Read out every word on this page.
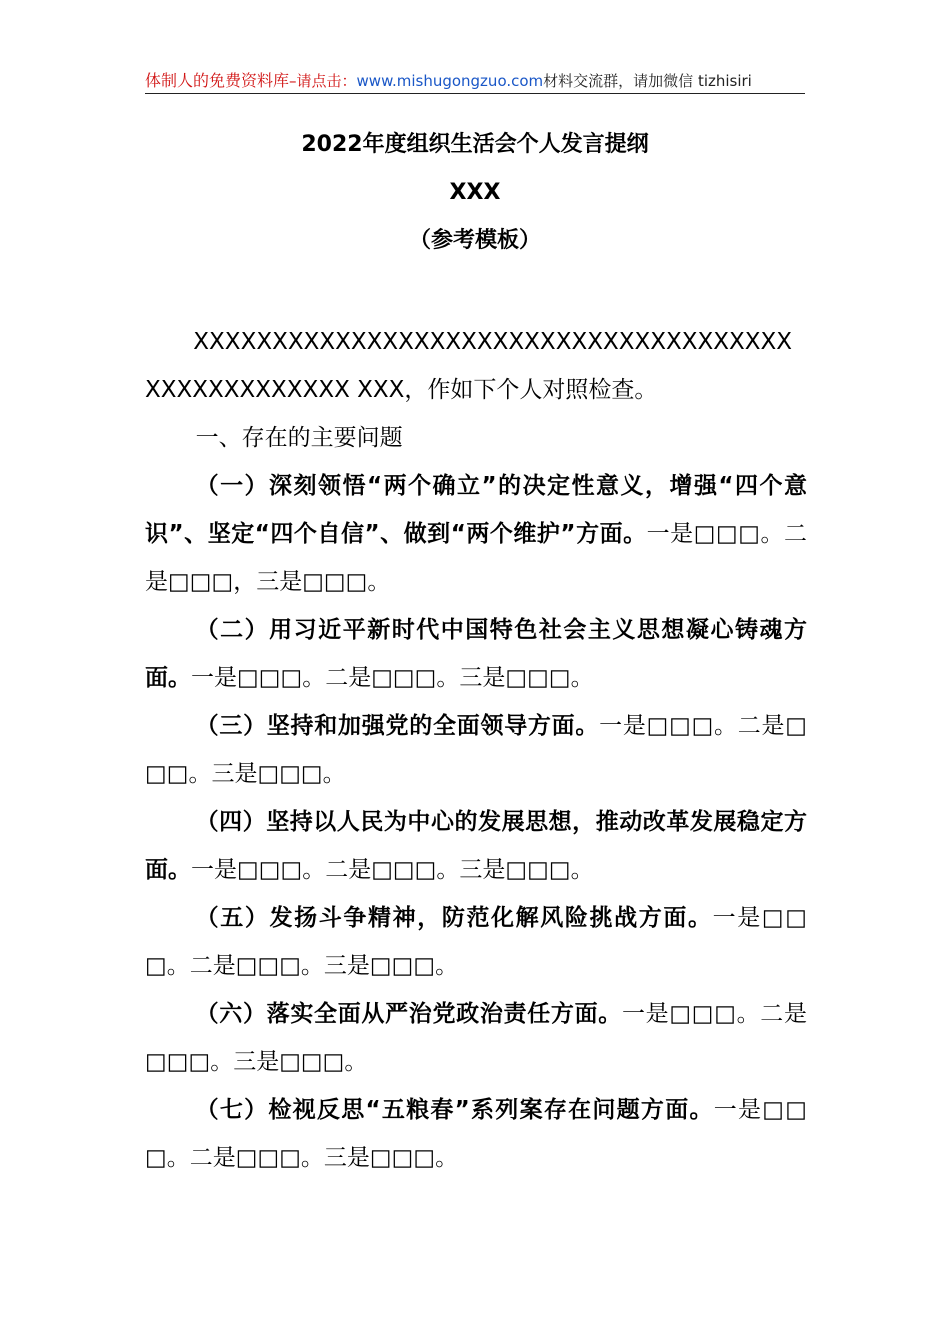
体制人的免费资料库–请点击：www.mishugongzuo.com材料交流群，请加微信 tizhisiri
2022年度组织生活会个人发言提纲
XXX
（参考模板）

XXXXXXXXXXXXXXXXXXXXXXXXXXXXXXXXXXXXXXXXXXXXXXXXXXX XXX，作如下个人对照检查。

一、存在的主要问题

（一）深刻领悟“两个确立”的决定性意义，增强“四个意识”、坚定“四个自信”、做到“两个维护”方面。一是□□□。二是□□□，三是□□□。

（二）用习近平新时代中国特色社会主义思想凝心铸魂方面。一是□□□。二是□□□。三是□□□。

（三）坚持和加强党的全面领导方面。一是□□□。二是□□□。三是□□□。

（四）坚持以人民为中心的发展思想，推动改革发展稳定方面。一是□□□。二是□□□。三是□□□。

（五）发扬斗争精神，防范化解风险挑战方面。一是□□□。二是□□□。三是□□□。

（六）落实全面从严治党政治责任方面。一是□□□。二是□□□。三是□□□。

（七）检视反思“五粮春”系列案存在问题方面。一是□□□。二是□□□。三是□□□。
